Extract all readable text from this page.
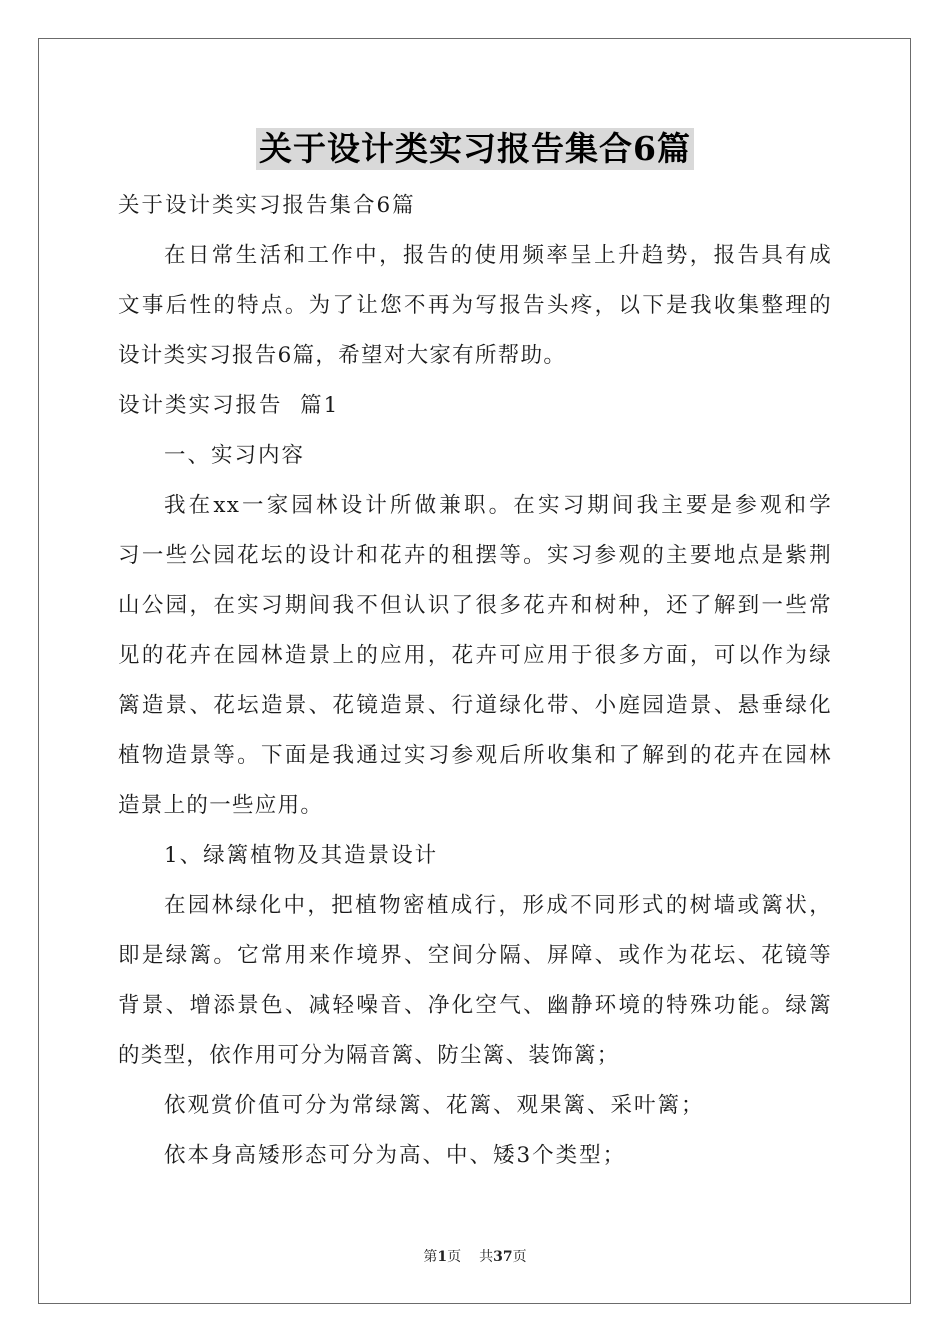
关于设计类实习报告集合6篇
关于设计类实习报告集合6篇
在日常生活和工作中，报告的使用频率呈上升趋势，报告具有成
文事后性的特点。为了让您不再为写报告头疼，以下是我收集整理的
设计类实习报告6篇，希望对大家有所帮助。
设计类实习报告  篇1
一、实习内容
我在xx一家园林设计所做兼职。在实习期间我主要是参观和学
习一些公园花坛的设计和花卉的租摆等。实习参观的主要地点是紫荆
山公园，在实习期间我不但认识了很多花卉和树种，还了解到一些常
见的花卉在园林造景上的应用，花卉可应用于很多方面，可以作为绿
篱造景、花坛造景、花镜造景、行道绿化带、小庭园造景、悬垂绿化
植物造景等。下面是我通过实习参观后所收集和了解到的花卉在园林
造景上的一些应用。
1、绿篱植物及其造景设计
在园林绿化中，把植物密植成行，形成不同形式的树墙或篱状，
即是绿篱。它常用来作境界、空间分隔、屏障、或作为花坛、花镜等
背景、增添景色、减轻噪音、净化空气、幽静环境的特殊功能。绿篱
的类型，依作用可分为隔音篱、防尘篱、装饰篱；
依观赏价值可分为常绿篱、花篱、观果篱、采叶篱；
依本身高矮形态可分为高、中、矮3个类型；
第1页 共37页
